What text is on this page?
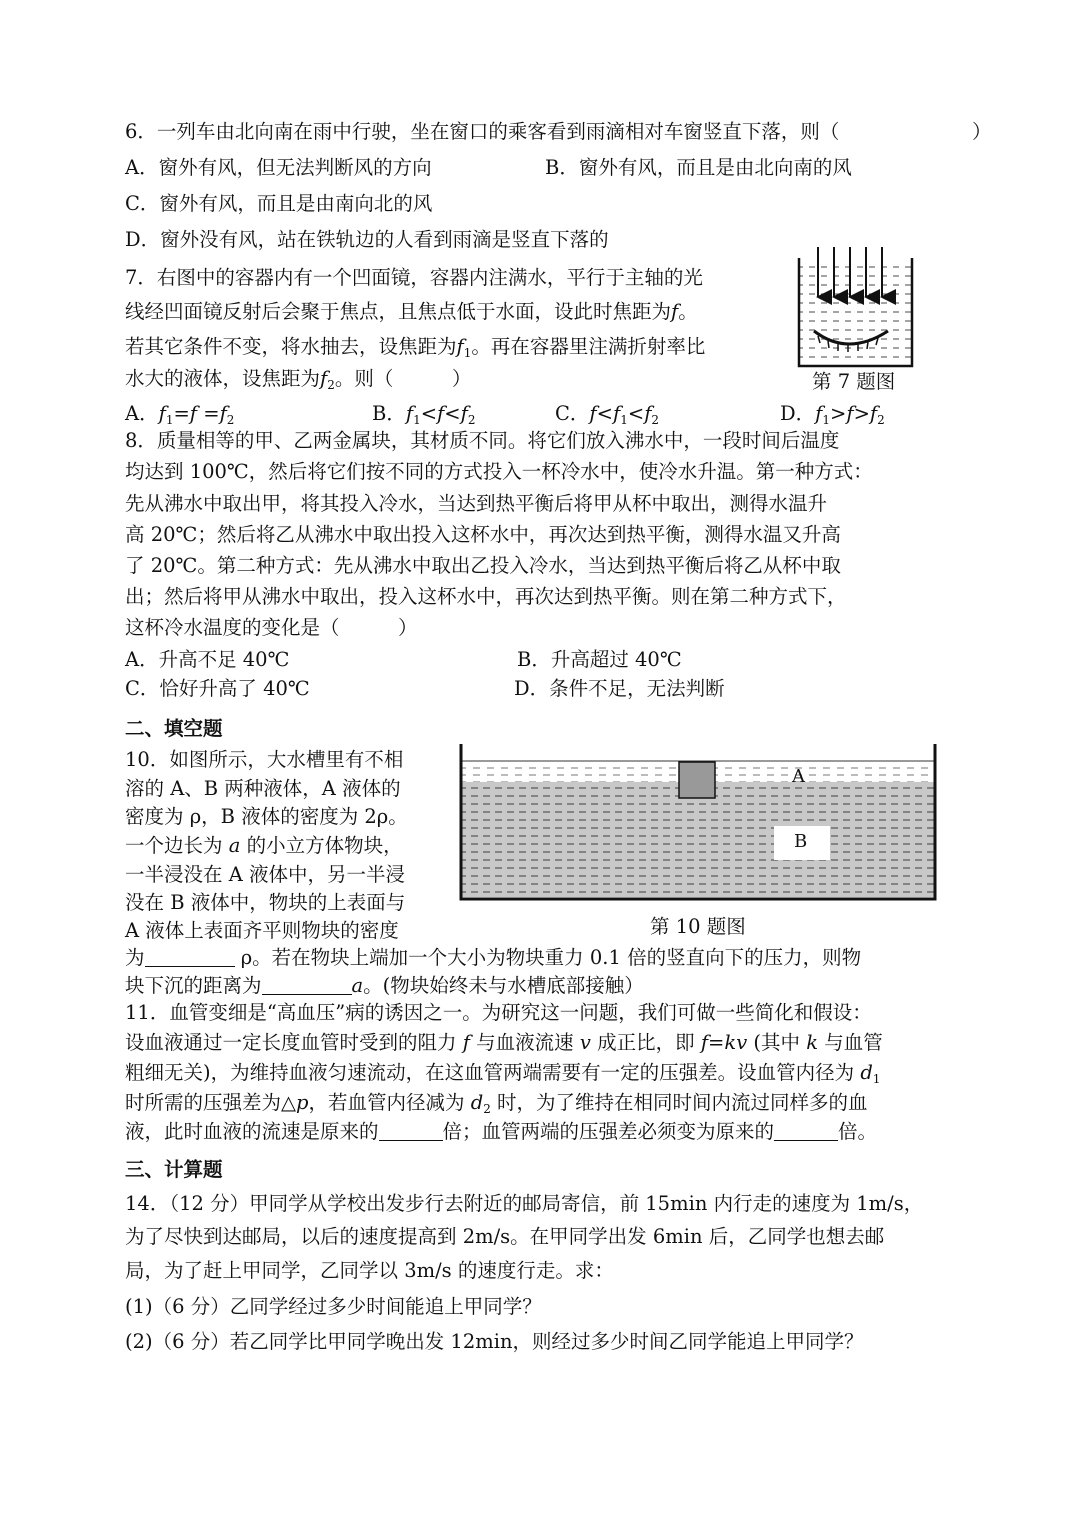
6．一列车由北向南在雨中行驶，坐在窗口的乘客看到雨滴相对车窗竖直下落，则（	）
A．窗外有风，但无法判断风的方向	B．窗外有风，而且是由北向南的风
C．窗外有风，而且是由南向北的风
D．窗外没有风，站在铁轨边的人看到雨滴是竖直下落的
7．右图中的容器内有一个凹面镜，容器内注满水，平行于主轴的光
线经凹面镜反射后会聚于焦点，且焦点低于水面，设此时焦距为f。
若其它条件不变，将水抽去，设焦距为$f_1$。再在容器里注满折射率比
水大的液体，设焦距为$f_2$。则（　　　）	第 7 题图
A．$f_1=f =f_2$	B．$f_1<f<f_2$	C．$f<f_1<f_2$	D．$f_1>f>f_2$
8．质量相等的甲、乙两金属块，其材质不同。将它们放入沸水中，一段时间后温度
均达到 100℃，然后将它们按不同的方式投入一杯冷水中，使冷水升温。第一种方式：
先从沸水中取出甲，将其投入冷水，当达到热平衡后将甲从杯中取出，测得水温升
高 20℃；然后将乙从沸水中取出投入这杯水中，再次达到热平衡，测得水温又升高
了 20℃。第二种方式：先从沸水中取出乙投入冷水，当达到热平衡后将乙从杯中取
出；然后将甲从沸水中取出，投入这杯水中，再次达到热平衡。则在第二种方式下，
这杯冷水温度的变化是（　　　）
A．升高不足 40℃	B．升高超过 40℃
C．恰好升高了 40℃	D．条件不足，无法判断
二、填空题
10．如图所示，大水槽里有不相
溶的 A、B 两种液体，A 液体的
密度为 ρ，B 液体的密度为 2ρ。
一个边长为 a 的小立方体物块，
一半浸没在 A 液体中，另一半浸
没在 B 液体中，物块的上表面与
A 液体上表面齐平则物块的密度
A
B
第 10 题图
为	ρ。若在物块上端加一个大小为物块重力 0.1 倍的竖直向下的压力，则物
块下沉的距离为	a。(物块始终未与水槽底部接触）
11．血管变细是“高血压”病的诱因之一。为研究这一问题，我们可做一些简化和假设：
设血液通过一定长度血管时受到的阻力 f 与血液流速 v 成正比，即 f=kv (其中 k 与血管
粗细无关)，为维持血液匀速流动，在这血管两端需要有一定的压强差。设血管内径为 $d_1$
时所需的压强差为△p，若血管内径减为 $d_2$ 时，为了维持在相同时间内流过同样多的血
液，此时血液的流速是原来的	倍；血管两端的压强差必须变为原来的	倍。
三、计算题
14．（12 分）甲同学从学校出发步行去附近的邮局寄信，前 15min 内行走的速度为 1m/s，
为了尽快到达邮局，以后的速度提高到 2m/s。在甲同学出发 6min 后，乙同学也想去邮
局，为了赶上甲同学，乙同学以 3m/s 的速度行走。求：
(1)（6 分）乙同学经过多少时间能追上甲同学？
(2)（6 分）若乙同学比甲同学晚出发 12min，则经过多少时间乙同学能追上甲同学？
